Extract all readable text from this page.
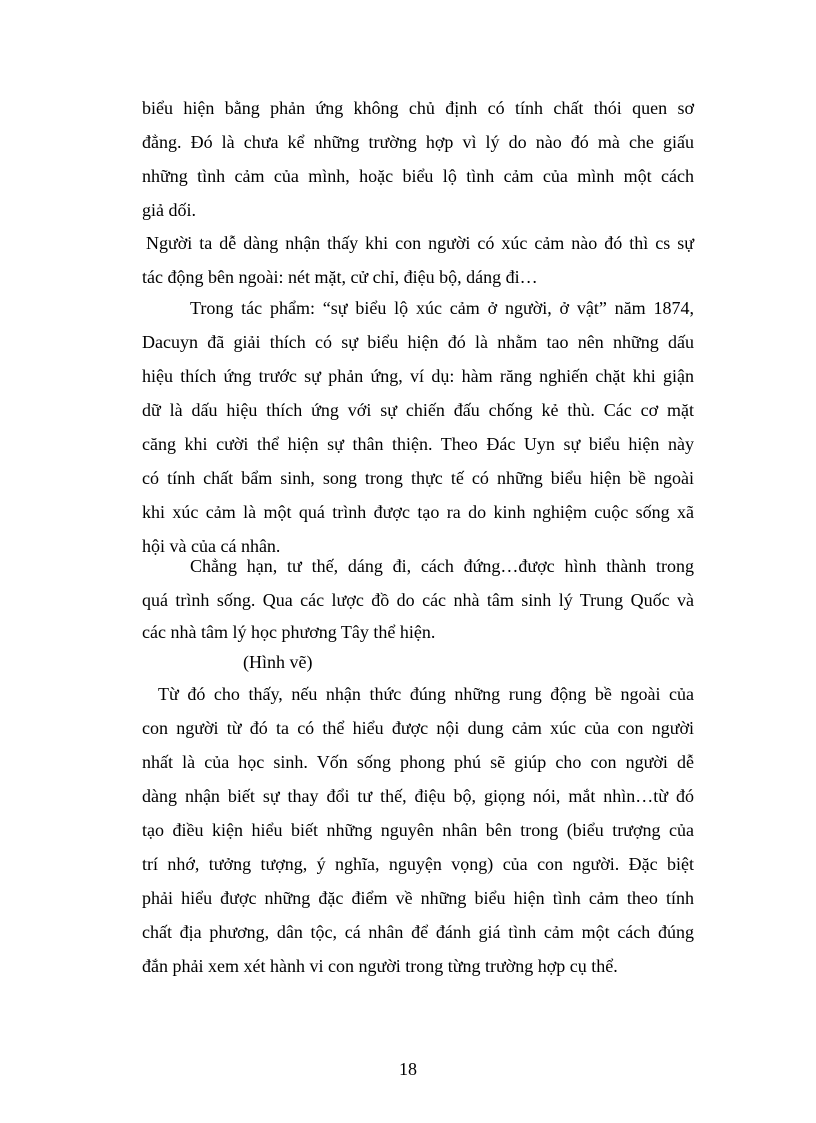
biểu hiện bằng phản ứng không chủ định có tính chất thói quen sơ
đẳng. Đó là chưa kể những trường hợp vì lý do nào đó mà che giấu
những tình cảm của mình, hoặc biểu lộ tình cảm của mình một cách
giả dối.
Người ta dễ dàng nhận thấy khi con người có xúc cảm nào đó thì cs sự
tác động bên ngoài: nét mặt, cử chỉ, điệu bộ, dáng đi…
Trong tác phẩm: “sự biểu lộ xúc cảm ở người, ở vật” năm 1874,
Dacuyn đã giải thích có sự biểu hiện đó là nhằm tao nên những dấu
hiệu thích ứng trước sự phản ứng, ví dụ: hàm răng nghiến chặt khi giận
dữ là dấu hiệu thích ứng với sự chiến đấu chống kẻ thù. Các cơ mặt
căng khi cười thể hiện sự thân thiện. Theo Đác Uyn sự biểu hiện này
có tính chất bẩm sinh, song trong thực tế có những biểu hiện bề ngoài
khi xúc cảm là một quá trình được tạo ra do kinh nghiệm cuộc sống xã
hội và của cá nhân.
Chẳng hạn, tư thế, dáng đi, cách đứng…được hình thành trong
quá trình sống. Qua các lược đồ do các nhà tâm sinh lý Trung Quốc và
các nhà tâm lý học phương Tây thể hiện.
(Hình vẽ)
Từ đó cho thấy, nếu nhận thức đúng những rung động bề ngoài của
con người từ đó ta có thể hiểu được nội dung cảm xúc của con người
nhất là của học sinh. Vốn sống phong phú sẽ giúp cho con người dễ
dàng nhận biết sự thay đổi tư thế, điệu bộ, giọng nói, mắt nhìn…từ đó
tạo điều kiện hiểu biết những nguyên nhân bên trong (biểu trượng của
trí nhớ, tưởng tượng, ý nghĩa, nguyện vọng) của con người. Đặc biệt
phải hiểu được những đặc điểm về những biểu hiện tình cảm theo tính
chất địa phương, dân tộc, cá nhân để đánh giá tình cảm một cách đúng
đắn phải xem xét hành vi con người trong từng trường hợp cụ thể.
18
